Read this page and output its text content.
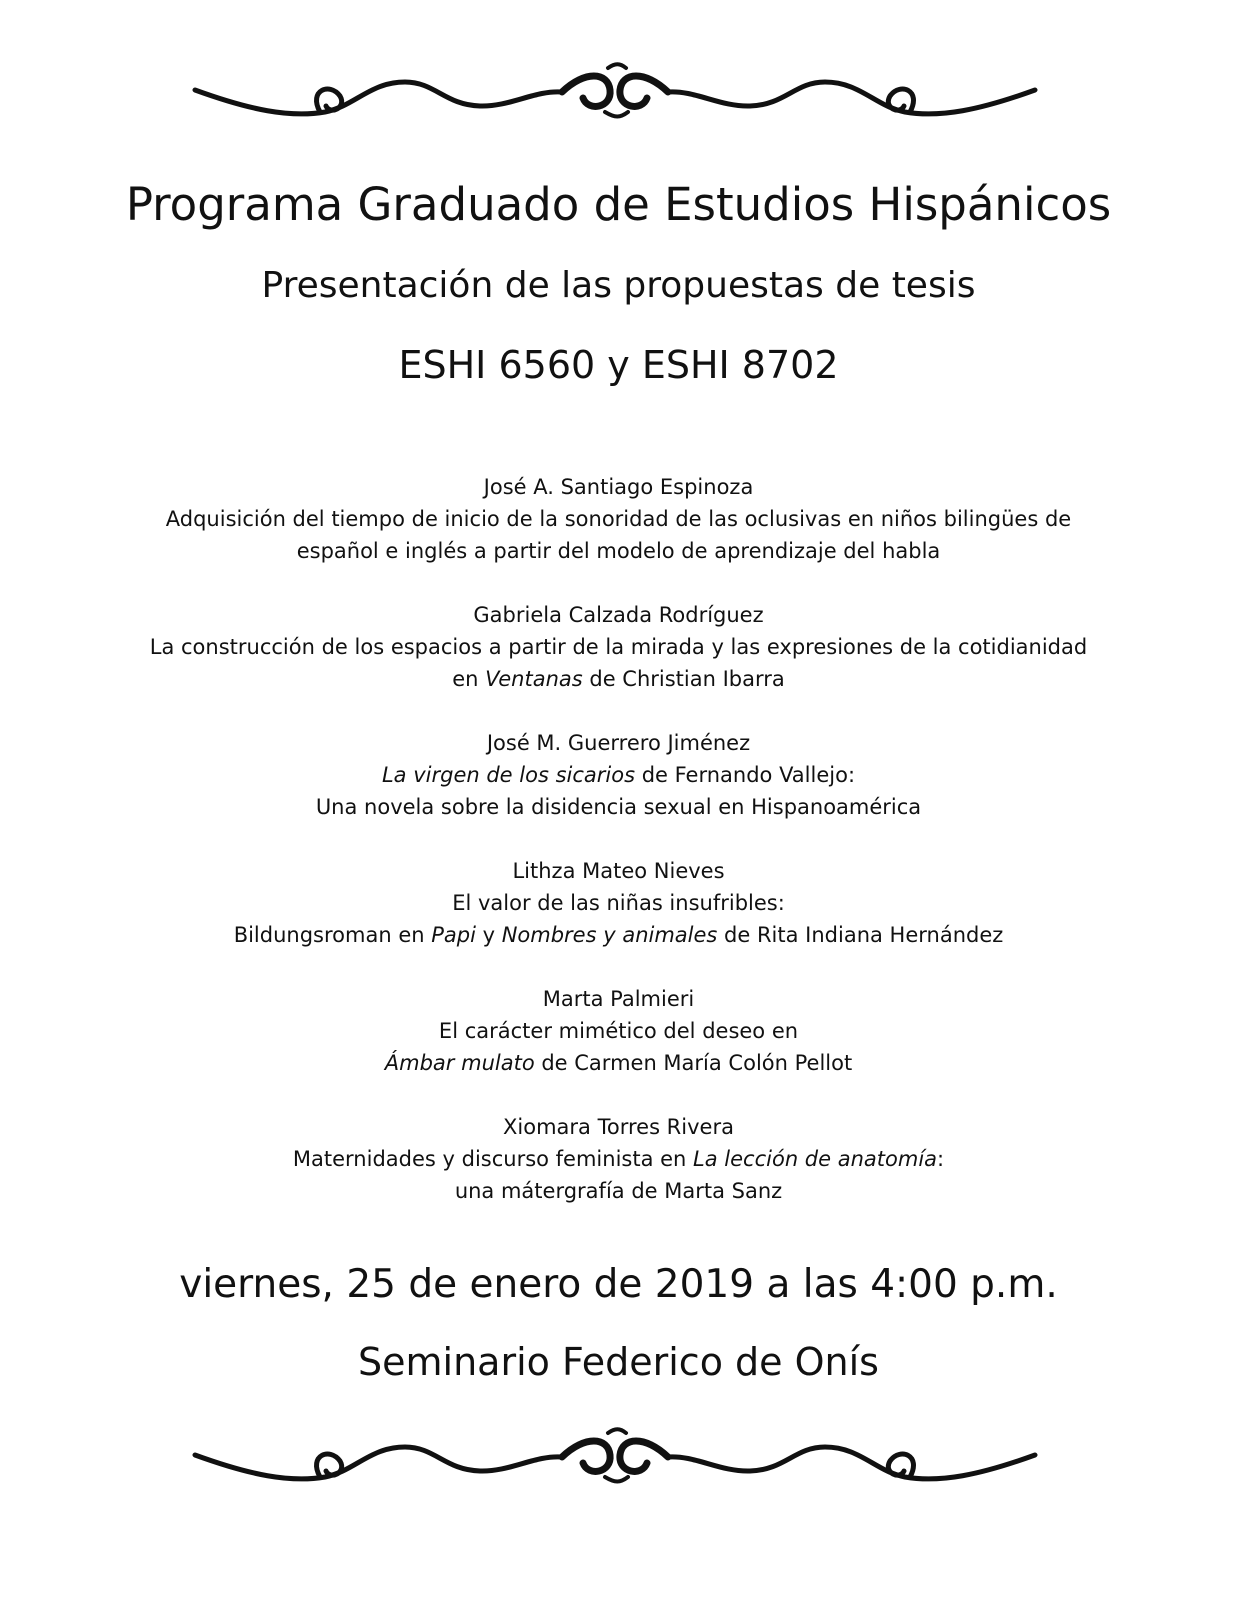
Programa Graduado de Estudios Hispánicos
Presentación de las propuestas de tesis
ESHI 6560 y ESHI 8702
José A. Santiago Espinoza
Adquisición del tiempo de inicio de la sonoridad de las oclusivas en niños bilingües de
español e inglés a partir del modelo de aprendizaje del habla
Gabriela Calzada Rodríguez
La construcción de los espacios a partir de la mirada y las expresiones de la cotidianidad
en Ventanas de Christian Ibarra
José M. Guerrero Jiménez
La virgen de los sicarios de Fernando Vallejo:
Una novela sobre la disidencia sexual en Hispanoamérica
Lithza Mateo Nieves
El valor de las niñas insufribles:
Bildungsroman en Papi y Nombres y animales de Rita Indiana Hernández
Marta Palmieri
El carácter mimético del deseo en
Ámbar mulato de Carmen María Colón Pellot
Xiomara Torres Rivera
Maternidades y discurso feminista en La lección de anatomía:
una mátergrafía de Marta Sanz
viernes, 25 de enero de 2019 a las 4:00 p.m.
Seminario Federico de Onís
